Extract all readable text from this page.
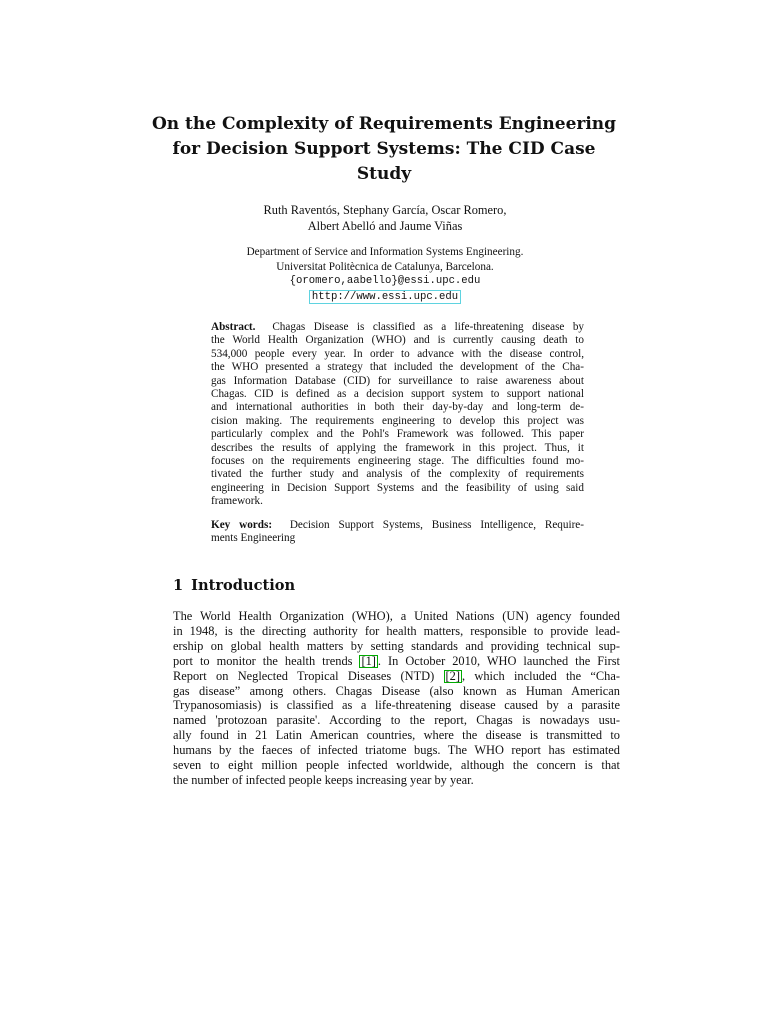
On the Complexity of Requirements Engineering
for Decision Support Systems: The CID Case
Study
Ruth Raventós, Stephany García, Oscar Romero,
Albert Abelló and Jaume Viñas
Department of Service and Information Systems Engineering.
Universitat Politècnica de Catalunya, Barcelona.
{oromero,aabello}@essi.upc.edu
http://www.essi.upc.edu
Abstract. Chagas Disease is classified as a life-threatening disease by
the World Health Organization (WHO) and is currently causing death to
534,000 people every year. In order to advance with the disease control,
the WHO presented a strategy that included the development of the Cha-
gas Information Database (CID) for surveillance to raise awareness about
Chagas. CID is defined as a decision support system to support national
and international authorities in both their day-by-day and long-term de-
cision making. The requirements engineering to develop this project was
particularly complex and the Pohl's Framework was followed. This paper
describes the results of applying the framework in this project. Thus, it
focuses on the requirements engineering stage. The difficulties found mo-
tivated the further study and analysis of the complexity of requirements
engineering in Decision Support Systems and the feasibility of using said
framework.
Key words: Decision Support Systems, Business Intelligence, Require-
ments Engineering
1 Introduction
The World Health Organization (WHO), a United Nations (UN) agency founded
in 1948, is the directing authority for health matters, responsible to provide lead-
ership on global health matters by setting standards and providing technical sup-
port to monitor the health trends [1] . In October 2010, WHO launched the First
Report on Neglected Tropical Diseases (NTD) [2] , which included the “Cha-
gas disease” among others. Chagas Disease (also known as Human American
Trypanosomiasis) is classified as a life-threatening disease caused by a parasite
named 'protozoan parasite'. According to the report, Chagas is nowadays usu-
ally found in 21 Latin American countries, where the disease is transmitted to
humans by the faeces of infected triatome bugs. The WHO report has estimated
seven to eight million people infected worldwide, although the concern is that
the number of infected people keeps increasing year by year.
